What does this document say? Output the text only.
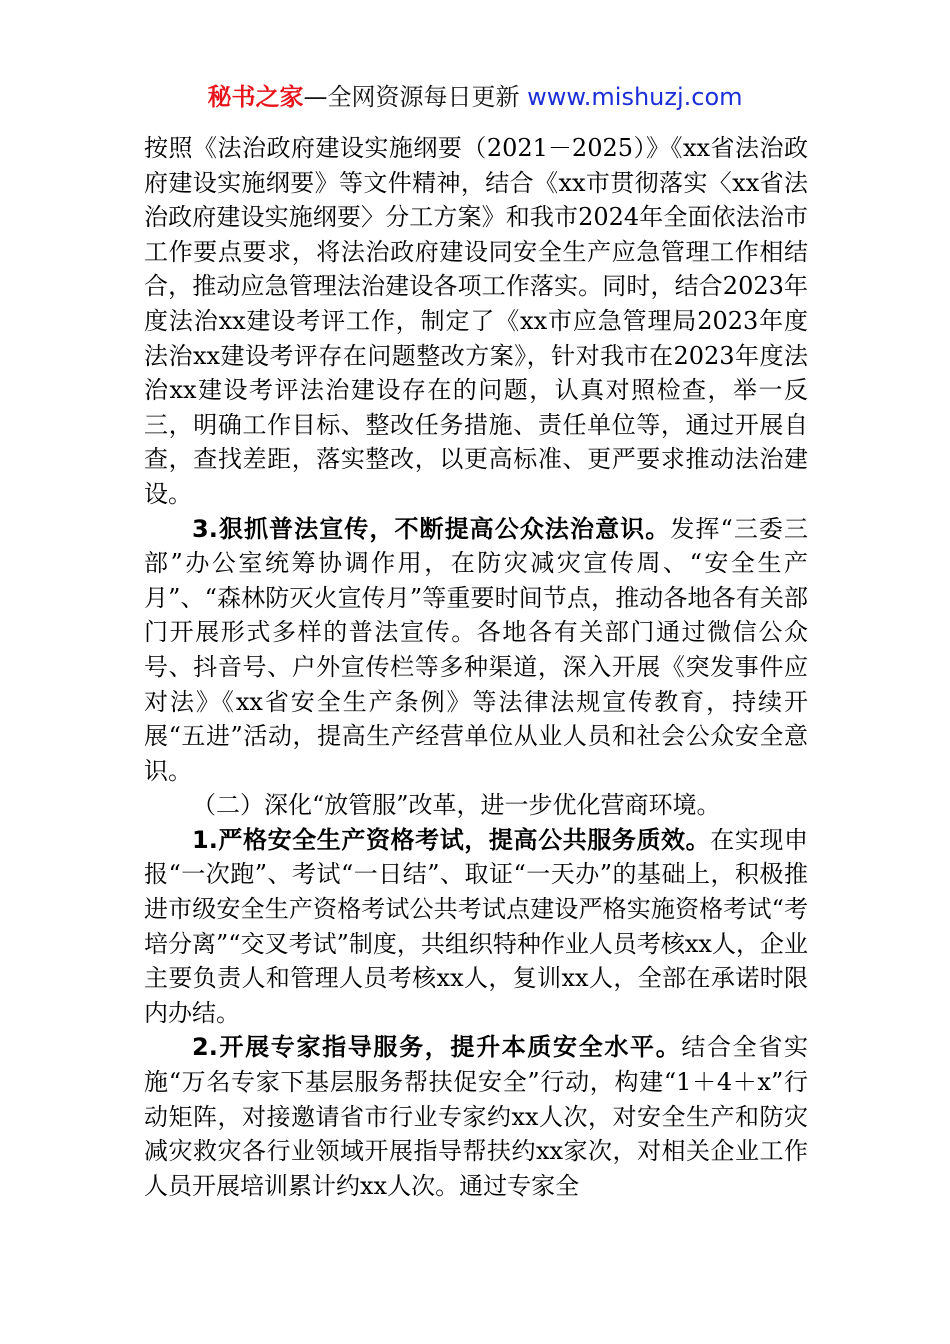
秘书之家—全网资源每日更新 www.mishuzj.com

按照《法治政府建设实施纲要（2021－2025）》《xx省法治政府建设实施纲要》等文件精神，结合《xx市贯彻落实〈xx省法治政府建设实施纲要〉分工方案》和我市2024年全面依法治市工作要点要求，将法治政府建设同安全生产应急管理工作相结合，推动应急管理法治建设各项工作落实。同时，结合2023年度法治xx建设考评工作，制定了《xx市应急管理局2023年度法治xx建设考评存在问题整改方案》，针对我市在2023年度法治xx建设考评法治建设存在的问题，认真对照检查，举一反三，明确工作目标、整改任务措施、责任单位等，通过开展自查，查找差距，落实整改，以更高标准、更严要求推动法治建设。

3.狠抓普法宣传，不断提高公众法治意识。发挥“三委三部”办公室统筹协调作用，在防灾减灾宣传周、“安全生产月”、“森林防灭火宣传月”等重要时间节点，推动各地各有关部门开展形式多样的普法宣传。各地各有关部门通过微信公众号、抖音号、户外宣传栏等多种渠道，深入开展《突发事件应对法》《xx省安全生产条例》等法律法规宣传教育，持续开展“五进”活动，提高生产经营单位从业人员和社会公众安全意识。

（二）深化“放管服”改革，进一步优化营商环境。

1.严格安全生产资格考试，提高公共服务质效。在实现申报“一次跑”、考试“一日结”、取证“一天办”的基础上，积极推进市级安全生产资格考试公共考试点建设严格实施资格考试“考培分离”“交叉考试”制度，共组织特种作业人员考核xx人，企业主要负责人和管理人员考核xx人，复训xx人，全部在承诺时限内办结。

2.开展专家指导服务，提升本质安全水平。结合全省实施“万名专家下基层服务帮扶促安全”行动，构建“1＋4＋x”行动矩阵，对接邀请省市行业专家约xx人次，对安全生产和防灾减灾救灾各行业领域开展指导帮扶约xx家次，对相关企业工作人员开展培训累计约xx人次。通过专家全
